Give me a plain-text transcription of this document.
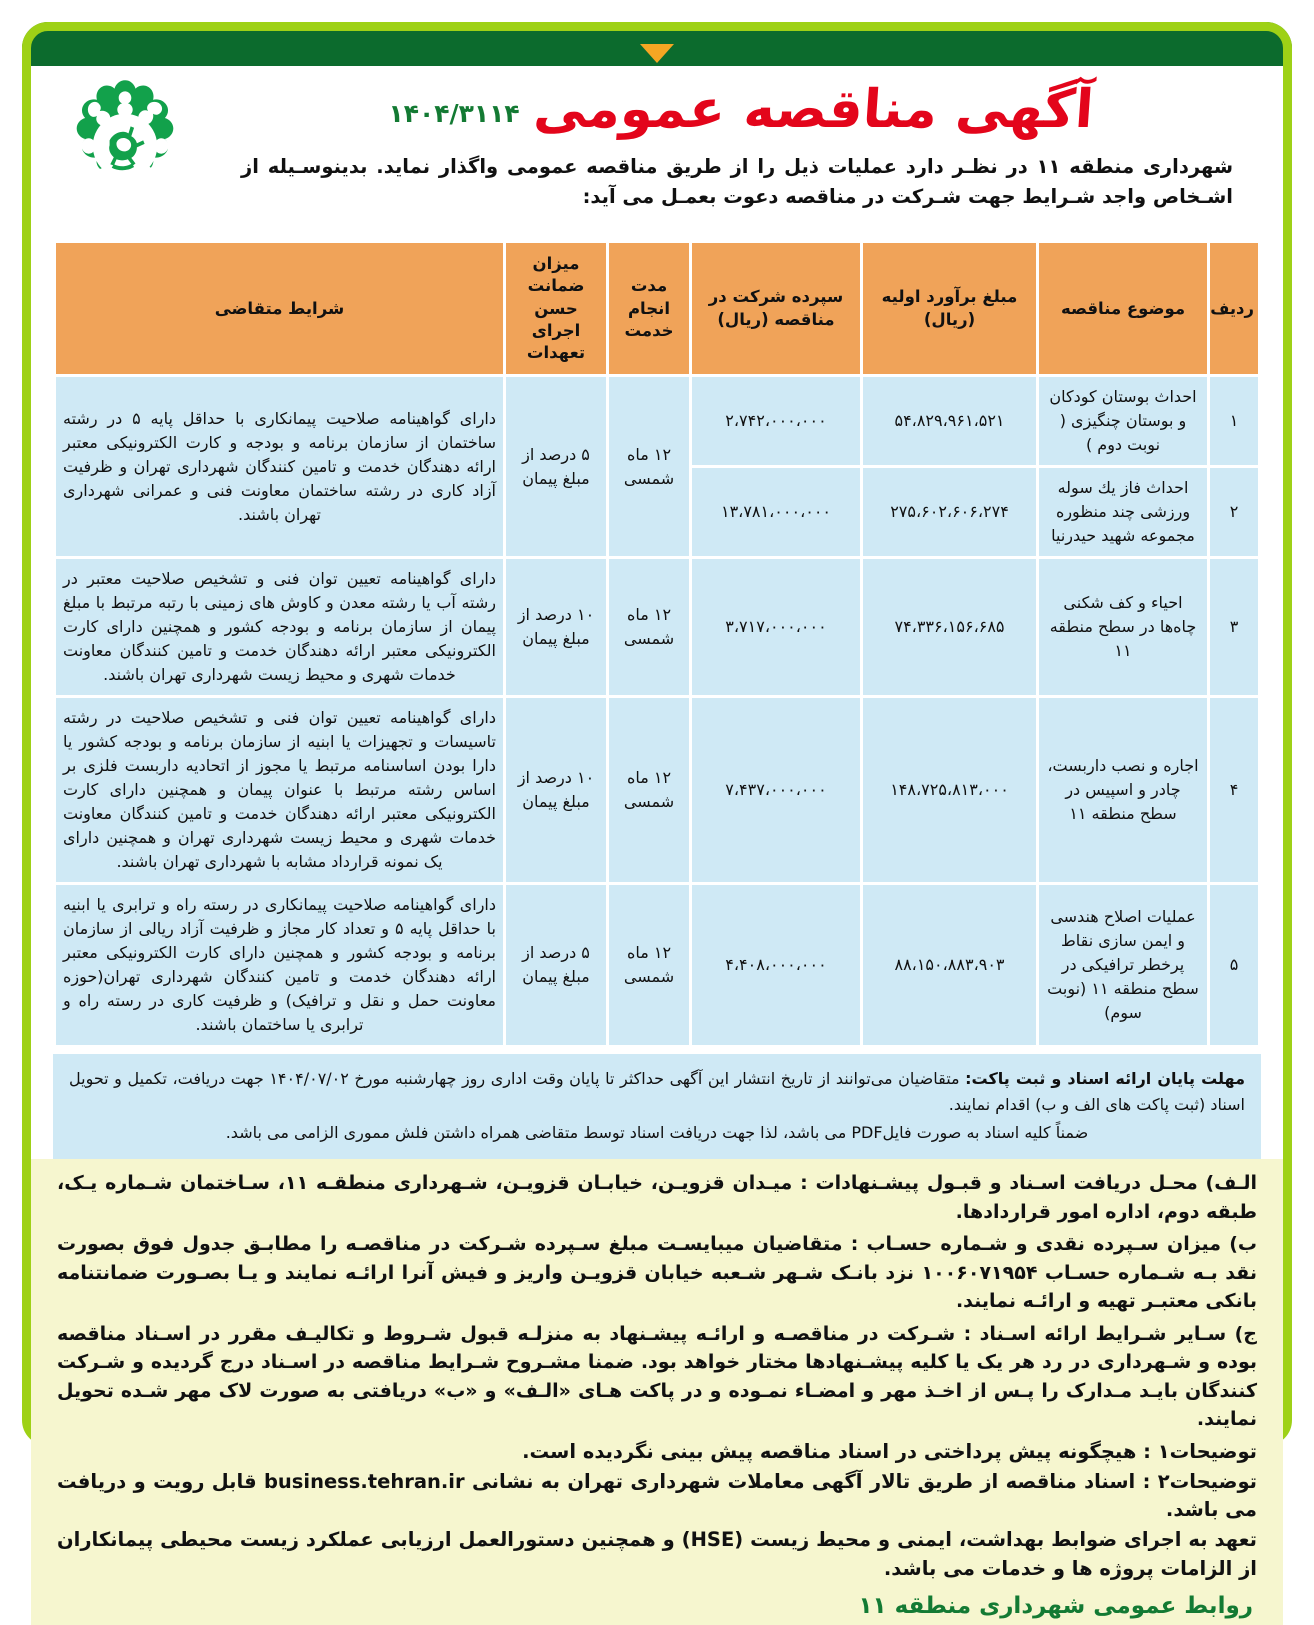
آگهی مناقصه عمومی
۱۴۰۴/۳۱۱۴
شهرداری منطقه ۱۱ در نظـر دارد عملیات ذیل را از طریق مناقصه عمومی واگذار نماید. بدینوسـیله از اشـخاص واجد شـرایط جهت شـرکت در مناقصه دعوت بعمـل می آید:
ردیف	موضوع مناقصه	مبلغ برآورد اولیه (ریال)	سپرده شرکت در مناقصه (ریال)	مدت انجام خدمت	میزان ضمانت حسن اجرای تعهدات	شرایط متقاضی
۱	احداث بوستان کودکان و بوستان چنگیزی ( نوبت دوم )	۵۴،۸۲۹،۹۶۱،۵۲۱	۲،۷۴۲،۰۰۰،۰۰۰	۱۲ ماه شمسی	۵ درصد از مبلغ پیمان	دارای گواهینامه صلاحیت پیمانکاری با حداقل پایه ۵ در رشته ساختمان از سازمان برنامه و بودجه و کارت الکترونیکی معتبر ارائه دهندگان خدمت و تامین کنندگان شهرداری تهران و ظرفیت آزاد کاری در رشته ساختمان معاونت فنی و عمرانی شهرداری تهران باشند.
۲	احداث فاز یك سوله ورزشی چند منظوره مجموعه شهید حیدرنیا	۲۷۵،۶۰۲،۶۰۶،۲۷۴	۱۳،۷۸۱،۰۰۰،۰۰۰			
۳	احیاء و کف شکنی چاه‌ها در سطح منطقه ۱۱	۷۴،۳۳۶،۱۵۶،۶۸۵	۳،۷۱۷،۰۰۰،۰۰۰	۱۲ ماه شمسی	۱۰ درصد از مبلغ پیمان	دارای گواهینامه تعیین توان فنی و تشخیص صلاحیت معتبر در رشته آب یا رشته معدن و کاوش های زمینی با رتبه مرتبط با مبلغ پیمان از سازمان برنامه و بودجه کشور و همچنین دارای کارت الکترونیکی معتبر ارائه دهندگان خدمت و تامین کنندگان معاونت خدمات شهری و محیط زیست شهرداری تهران باشند.
۴	اجاره و نصب داربست، چادر و اسپیس در سطح منطقه ۱۱	۱۴۸،۷۲۵،۸۱۳،۰۰۰	۷،۴۳۷،۰۰۰،۰۰۰	۱۲ ماه شمسی	۱۰ درصد از مبلغ پیمان	دارای گواهینامه تعیین توان فنی و تشخیص صلاحیت در رشته تاسیسات و تجهیزات یا ابنیه از سازمان برنامه و بودجه کشور یا دارا بودن اساسنامه مرتبط یا مجوز از اتحادیه داربست فلزی بر اساس رشته مرتبط با عنوان پیمان و همچنین دارای کارت الکترونیکی معتبر ارائه دهندگان خدمت و تامین کنندگان معاونت خدمات شهری و محیط زیست شهرداری تهران و همچنین دارای یک نمونه قرارداد مشابه با شهرداری تهران باشند.
۵	عملیات اصلاح هندسی و ایمن سازی نقاط پرخطر ترافیکی در سطح منطقه ۱۱ (نوبت سوم)	۸۸،۱۵۰،۸۸۳،۹۰۳	۴،۴۰۸،۰۰۰،۰۰۰	۱۲ ماه شمسی	۵ درصد از مبلغ پیمان	دارای گواهینامه صلاحیت پیمانکاری در رسته راه و ترابری یا ابنیه با حداقل پایه ۵ و تعداد کار مجاز و ظرفیت آزاد ریالی از سازمان برنامه و بودجه کشور و همچنین دارای کارت الکترونیکی معتبر ارائه دهندگان خدمت و تامین کنندگان شهرداری تهران(حوزه معاونت حمل و نقل و ترافیک) و ظرفیت کاری در رسته راه و ترابری یا ساختمان باشند.
مهلت پایان ارائه اسناد و ثبت پاکت: متقاضیان می‌توانند از تاریخ انتشار این آگهی حداکثر تا پایان وقت اداری روز چهارشنبه مورخ ۱۴۰۴/۰۷/۰۲ جهت دریافت، تکمیل و تحویل اسناد (ثبت پاکت های الف و ب) اقدام نمایند.
ضمناً کلیه اسناد به صورت فایلPDF می باشد، لذا جهت دریافت اسناد توسط متقاضی همراه داشتن فلش مموری الزامی می باشد.
الـف) محـل دریافت اسـناد و قبـول پیشـنهادات : میـدان قزویـن، خیابـان قزویـن، شـهرداری منطقـه ۱۱، سـاختمان شـماره یـک، طبقه دوم، اداره امور قراردادها.
ب) میزان سـپرده نقدی و شـماره حسـاب : متقاضیان میبایسـت مبلغ سـپرده شـرکت در مناقصـه را مطابـق جدول فوق بصورت نقد بـه شـماره حسـاب ۱۰۰۶۰۷۱۹۵۴ نزد بانـک شـهر شـعبه خیابان قزویـن واریز و فیش آنرا ارائـه نمایند و یـا بصـورت ضمانتنامه بانکی معتبـر تهیه و ارائـه نمایند.
ج) سـایر شـرایط ارائه اسـناد : شـرکت در مناقصـه و ارائـه پیشـنهاد به منزلـه قبول شـروط و تکالیـف مقرر در اسـناد مناقصه بوده و شـهرداری در رد هر یک یا کلیه پیشـنهادها مختار خواهد بود. ضمنا مشـروح شـرایط مناقصه در اسـناد درج گردیده و شـرکت کنندگان بایـد مـدارک را پـس از اخـذ مهر و امضـاء نمـوده و در پاکت هـای «الـف» و «ب» دریافتی به صورت لاک مهر شـده تحویل نمایند.
توضیحات۱ : هیچگونه پیش پرداختی در اسناد مناقصه پیش بینی نگردیده است.
توضیحات۲ : اسناد مناقصه از طریق تالار آگهی معاملات شهرداری تهران به نشانی business.tehran.ir قابل رویت و دریافت می باشد.
تعهد به اجرای ضوابط بهداشت، ایمنی و محیط زیست (HSE) و همچنین دستورالعمل ارزیابی عملکرد زیست محیطی پیمانکاران از الزامات پروژه ها و خدمات می باشد.
روابط عمومی شهرداری منطقه ۱۱
